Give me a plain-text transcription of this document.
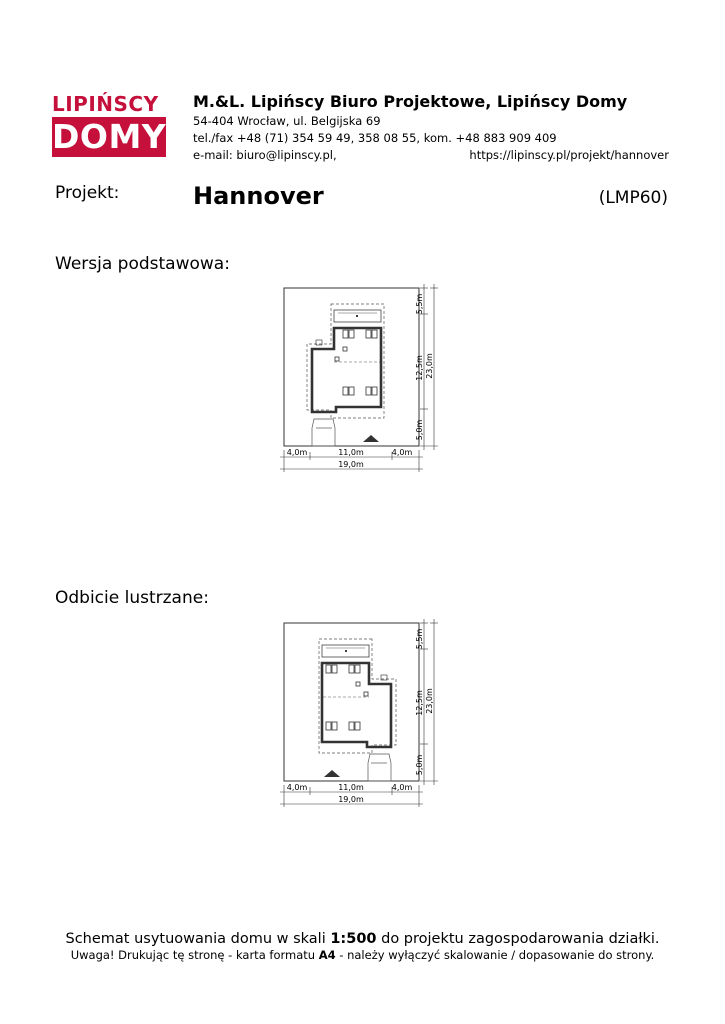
LIPIŃSCY
DOMY
M.&L. Lipińscy Biuro Projektowe, Lipińscy Domy
54-404 Wrocław, ul. Belgijska 69
tel./fax +48 (71) 354 59 49, 358 08 55, kom. +48 883 909 409
e-mail: biuro@lipinscy.pl,	https://lipinscy.pl/projekt/hannover
Projekt:	Hannover	(LMP60)
Wersja podstawowa:
Odbicie lustrzane:
5,5m
12,5m
5,0m
23,0m
4,0m	11,0m	4,0m
19,0m
5,5m
12,5m
5,0m
23,0m
4,0m	11,0m	4,0m
19,0m
Schemat usytuowania domu w skali 1:500 do projektu zagospodarowania działki.
Uwaga! Drukując tę stronę - karta formatu A4 - należy wyłączyć skalowanie / dopasowanie do strony.
